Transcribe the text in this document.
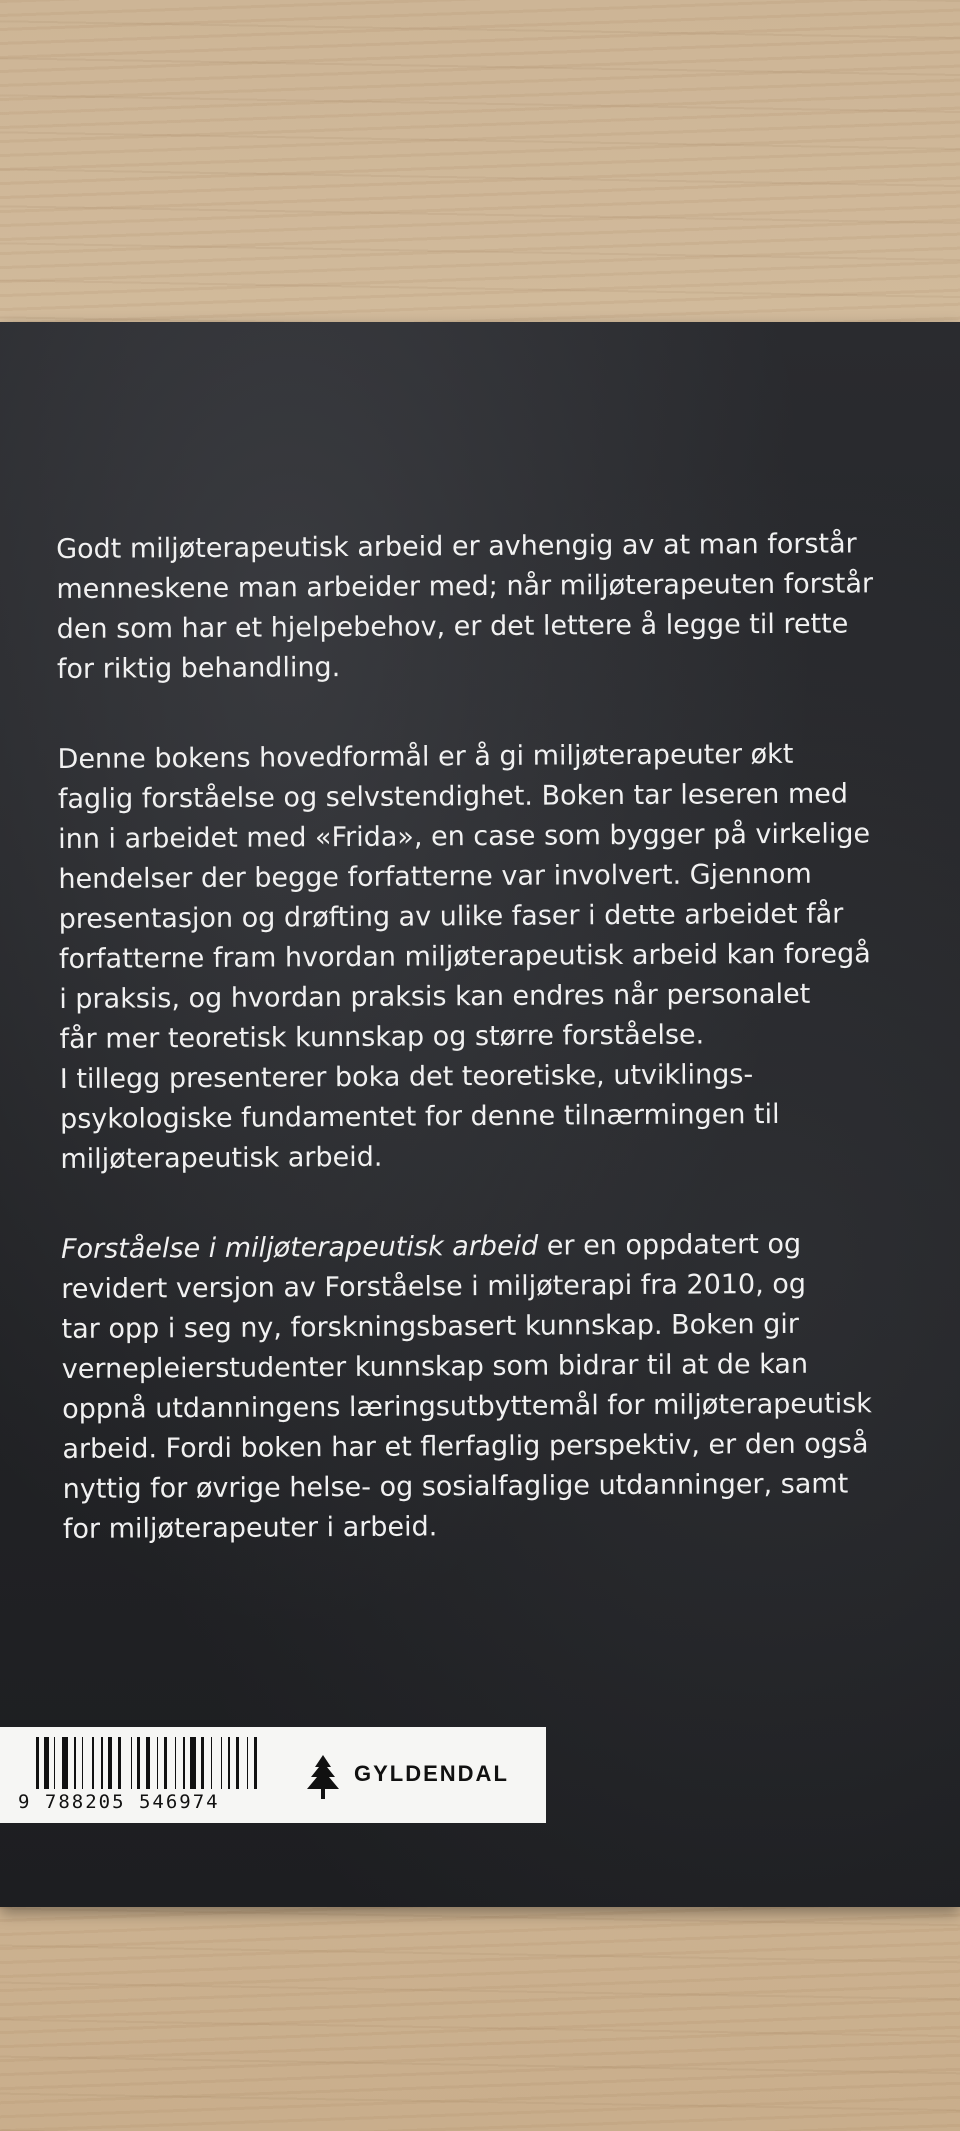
Godt miljøterapeutisk arbeid er avhengig av at man forstår
menneskene man arbeider med; når miljøterapeuten forstår
den som har et hjelpebehov, er det lettere å legge til rette
for riktig behandling.

Denne bokens hovedformål er å gi miljøterapeuter økt
faglig forståelse og selvstendighet. Boken tar leseren med
inn i arbeidet med «Frida», en case som bygger på virkelige
hendelser der begge forfatterne var involvert. Gjennom
presentasjon og drøfting av ulike faser i dette arbeidet får
forfatterne fram hvordan miljøterapeutisk arbeid kan foregå
i praksis, og hvordan praksis kan endres når personalet
får mer teoretisk kunnskap og større forståelse.
I tillegg presenterer boka det teoretiske, utviklings-
psykologiske fundamentet for denne tilnærmingen til
miljøterapeutisk arbeid.

Forståelse i miljøterapeutisk arbeid er en oppdatert og
revidert versjon av Forståelse i miljøterapi fra 2010, og
tar opp i seg ny, forskningsbasert kunnskap. Boken gir
vernepleierstudenter kunnskap som bidrar til at de kan
oppnå utdanningens læringsutbyttemål for miljøterapeutisk
arbeid. Fordi boken har et flerfaglig perspektiv, er den også
nyttig for øvrige helse- og sosialfaglige utdanninger, samt
for miljøterapeuter i arbeid.

9 788205 546974
GYLDENDAL
